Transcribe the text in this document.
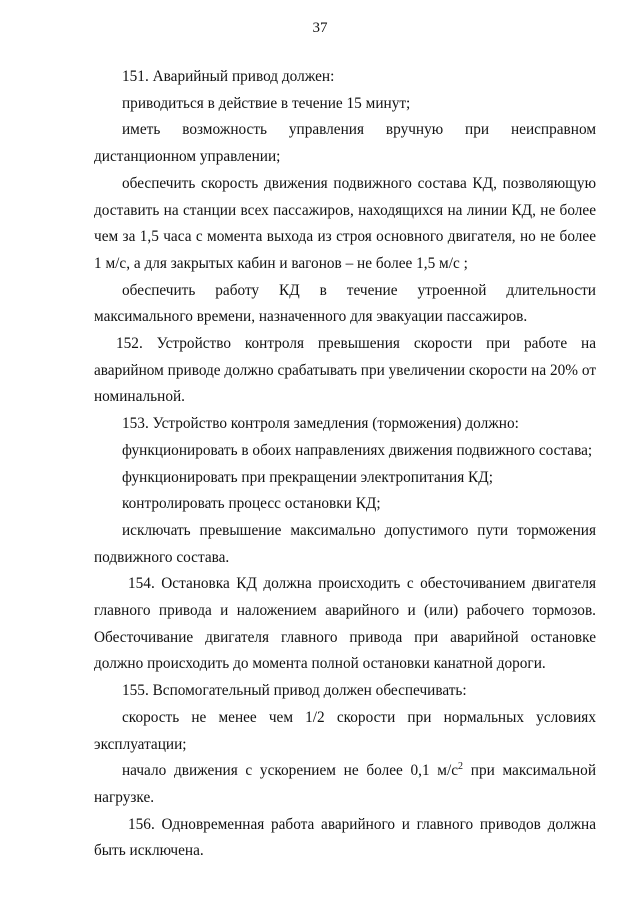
37

151. Аварийный привод должен:

приводиться в действие в течение 15 минут;

иметь возможность управления вручную при неисправном дистанционном управлении;

обеспечить скорость движения подвижного состава КД, позволяющую доставить на станции всех пассажиров, находящихся на линии КД, не более чем за 1,5 часа с момента выхода из строя основного двигателя, но не более 1 м/с, а для закрытых кабин и вагонов – не более 1,5 м/с ;

обеспечить работу КД в течение утроенной длительности максимального времени, назначенного для эвакуации пассажиров.

152. Устройство контроля превышения скорости при работе на аварийном приводе должно срабатывать при увеличении скорости на 20% от номинальной.

153. Устройство контроля замедления (торможения) должно:

функционировать в обоих направлениях движения подвижного состава;

функционировать при прекращении электропитания КД;

контролировать процесс остановки КД;

исключать превышение максимально допустимого пути торможения подвижного состава.

154. Остановка КД должна происходить с обесточиванием двигателя главного привода и наложением аварийного и (или) рабочего тормозов. Обесточивание двигателя главного привода при аварийной остановке должно происходить до момента полной остановки канатной дороги.

155. Вспомогательный привод должен обеспечивать:

скорость не менее чем 1/2 скорости при нормальных условиях эксплуатации;

начало движения с ускорением не более 0,1 $м/с^2$ при максимальной нагрузке.

156. Одновременная работа аварийного и главного приводов должна быть исключена.
